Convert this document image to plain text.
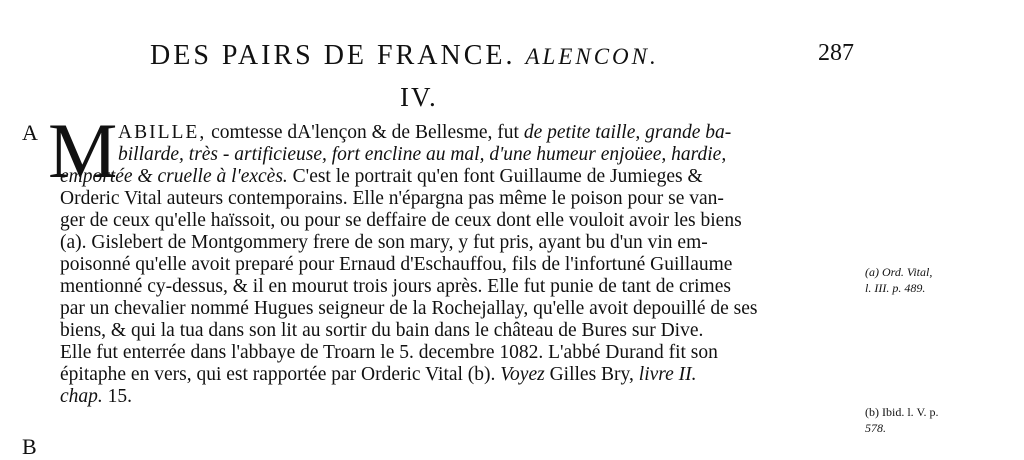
DES PAIRS DE FRANCE. ALENCON.	287
IV.
A
B
M ABILLE, comtesse dA'lençon & de Bellesme, fut de petite taille, grande ba-
billarde, très - artificieuse, fort encline au mal, d'une humeur enjoüee, hardie,
emportée & cruelle à l'excès. C'est le portrait qu'en font Guillaume de Jumieges &
Orderic Vital auteurs contemporains. Elle n'épargna pas même le poison pour se van-
ger de ceux qu'elle haïssoit, ou pour se deffaire de ceux dont elle vouloit avoir les biens
(a). Gislebert de Montgommery frere de son mary, y fut pris, ayant bu d'un vin em-
poisonné qu'elle avoit preparé pour Ernaud d'Eschauffou, fils de l'infortuné Guillaume
mentionné cy-dessus, & il en mourut trois jours après. Elle fut punie de tant de crimes
par un chevalier nommé Hugues seigneur de la Rochejallay, qu'elle avoit depouillé de ses
biens, & qui la tua dans son lit au sortir du bain dans le château de Bures sur Dive.
Elle fut enterrée dans l'abbaye de Troarn le 5. decembre 1082. L'abbé Durand fit son
épitaphe en vers, qui est rapportée par Orderic Vital (b). Voyez Gilles Bry, livre II.
chap. 15.
(a) Ord. Vital,
l. III. p. 489.
(b) Ibid. l. V. p.
578.
